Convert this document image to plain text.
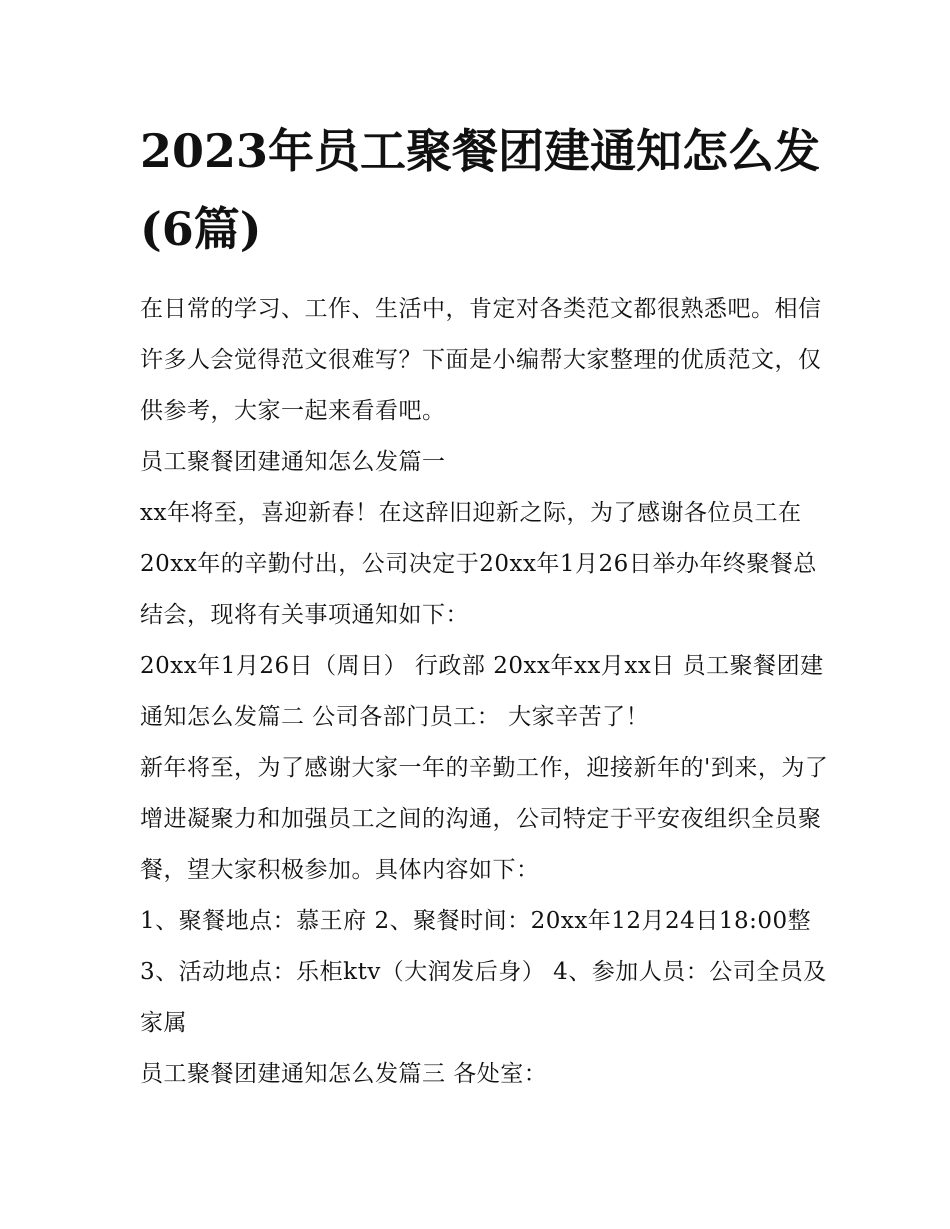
2023年员工聚餐团建通知怎么发(6篇)

在日常的学习、工作、生活中，肯定对各类范文都很熟悉吧。相信许多人会觉得范文很难写？下面是小编帮大家整理的优质范文，仅供参考，大家一起来看看吧。

员工聚餐团建通知怎么发篇一

xx年将至，喜迎新春！在这辞旧迎新之际，为了感谢各位员工在20xx年的辛勤付出，公司决定于20xx年1月26日举办年终聚餐总结会，现将有关事项通知如下：

20xx年1月26日（周日） 行政部 20xx年xx月xx日 员工聚餐团建通知怎么发篇二 公司各部门员工： 大家辛苦了！

新年将至，为了感谢大家一年的辛勤工作，迎接新年的'到来，为了增进凝聚力和加强员工之间的沟通，公司特定于平安夜组织全员聚餐，望大家积极参加。具体内容如下：

1、聚餐地点：慕王府 2、聚餐时间：20xx年12月24日18:00整 3、活动地点：乐柜ktv（大润发后身） 4、参加人员：公司全员及家属

员工聚餐团建通知怎么发篇三 各处室：
